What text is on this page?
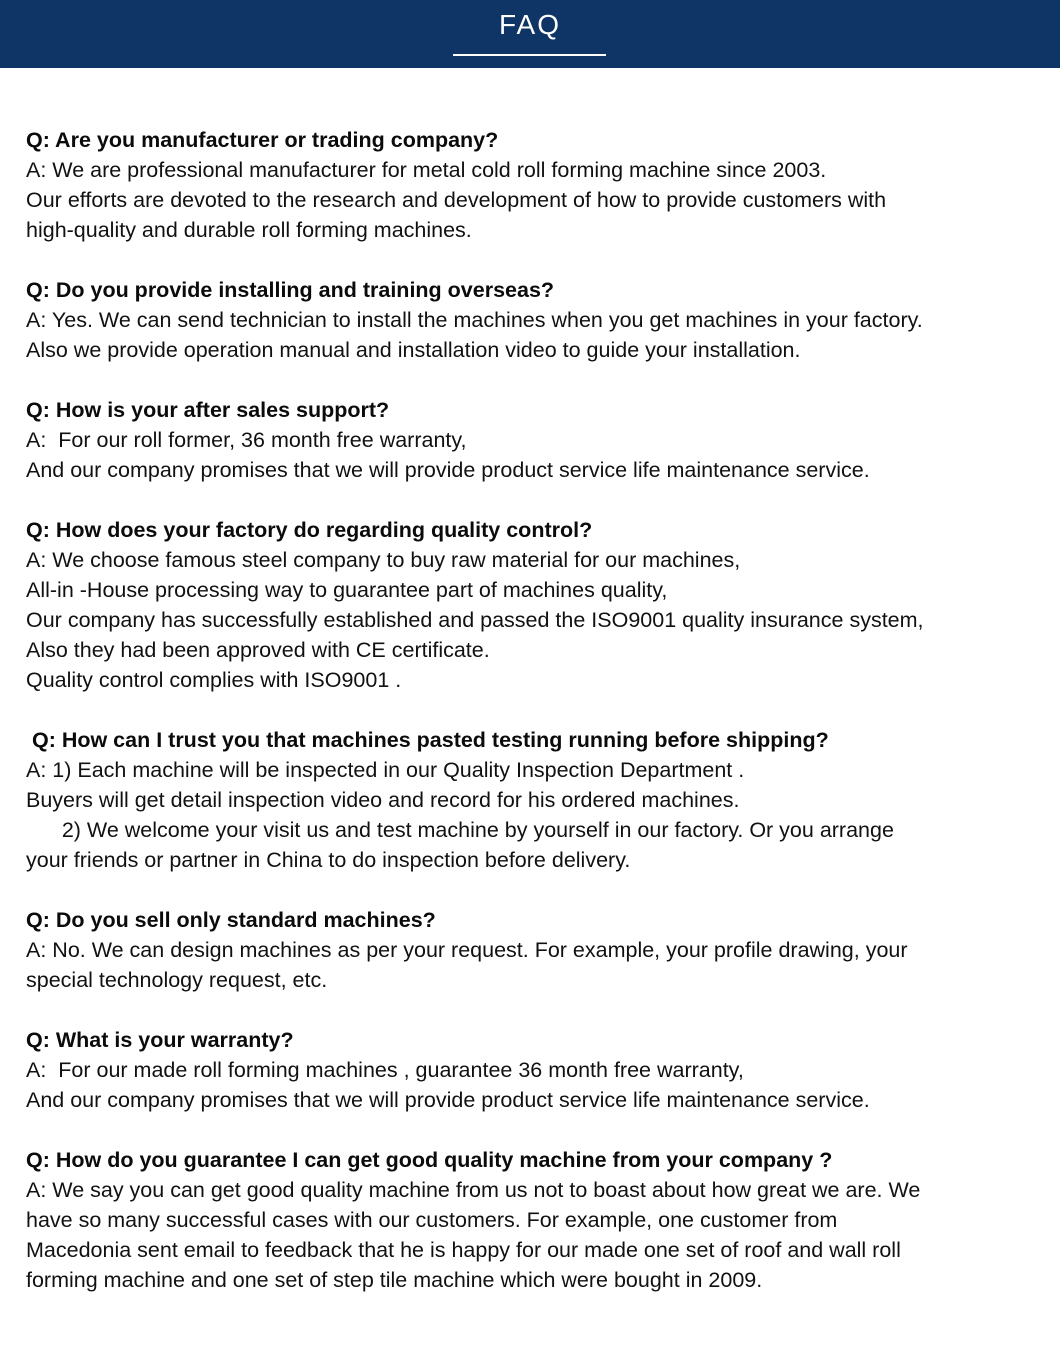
FAQ
Q: Are you manufacturer or trading company?
A: We are professional manufacturer for metal cold roll forming machine since 2003.
Our efforts are devoted to the research and development of how to provide customers with
high-quality and durable roll forming machines.
Q: Do you provide installing and training overseas?
A: Yes. We can send technician to install the machines when you get machines in your factory.
Also we provide operation manual and installation video to guide your installation.
Q: How is your after sales support?
A:  For our roll former, 36 month free warranty,
And our company promises that we will provide product service life maintenance service.
Q: How does your factory do regarding quality control?
A: We choose famous steel company to buy raw material for our machines,
All-in -House processing way to guarantee part of machines quality,
Our company has successfully established and passed the ISO9001 quality insurance system,
Also they had been approved with CE certificate.
Quality control complies with ISO9001 .
Q: How can I trust you that machines pasted testing running before shipping?
A: 1) Each machine will be inspected in our Quality Inspection Department .
Buyers will get detail inspection video and record for his ordered machines.
2) We welcome your visit us and test machine by yourself in our factory. Or you arrange
your friends or partner in China to do inspection before delivery.
Q: Do you sell only standard machines?
A: No. We can design machines as per your request. For example, your profile drawing, your
special technology request, etc.
Q: What is your warranty?
A:  For our made roll forming machines , guarantee 36 month free warranty,
And our company promises that we will provide product service life maintenance service.
Q: How do you guarantee I can get good quality machine from your company ?
A: We say you can get good quality machine from us not to boast about how great we are. We
have so many successful cases with our customers. For example, one customer from
Macedonia sent email to feedback that he is happy for our made one set of roof and wall roll
forming machine and one set of step tile machine which were bought in 2009.
